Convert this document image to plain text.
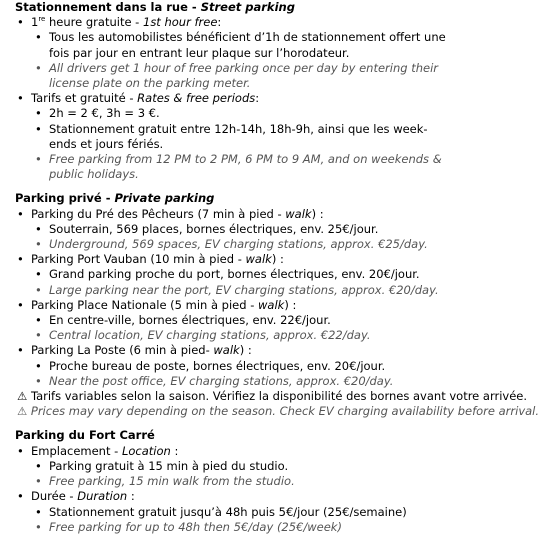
Stationnement dans la rue - Street parking

• 1re heure gratuite - 1st hour free:

• Tous les automobilistes bénéficient d’1h de stationnement offert une fois par jour en entrant leur plaque sur l’horodateur.
• All drivers get 1 hour of free parking once per day by entering their license plate on the parking meter.

• Tarifs et gratuité - Rates & free periods:

• 2h = 2 €, 3h = 3 €.
• Stationnement gratuit entre 12h-14h, 18h-9h, ainsi que les week-ends et jours fériés.
• Free parking from 12 PM to 2 PM, 6 PM to 9 AM, and on weekends & public holidays.

Parking privé - Private parking

• Parking du Pré des Pêcheurs (7 min à pied - walk) :

• Souterrain, 569 places, bornes électriques, env. 25€/jour.
• Underground, 569 spaces, EV charging stations, approx. €25/day.

• Parking Port Vauban (10 min à pied - walk) :

• Grand parking proche du port, bornes électriques, env. 20€/jour.
• Large parking near the port, EV charging stations, approx. €20/day.

• Parking Place Nationale (5 min à pied - walk) :

• En centre-ville, bornes électriques, env. 22€/jour.
• Central location, EV charging stations, approx. €22/day.

• Parking La Poste (6 min à pied- walk) :

• Proche bureau de poste, bornes électriques, env. 20€/jour.
• Near the post office, EV charging stations, approx. €20/day.

⚠ Tarifs variables selon la saison. Vérifiez la disponibilité des bornes avant votre arrivée.

⚠ Prices may vary depending on the season. Check EV charging availability before arrival.

Parking du Fort Carré

• Emplacement - Location :

• Parking gratuit à 15 min à pied du studio.
• Free parking, 15 min walk from the studio.

• Durée - Duration :

• Stationnement gratuit jusqu’à 48h puis 5€/jour (25€/semaine)
• Free parking for up to 48h then 5€/day (25€/week)
